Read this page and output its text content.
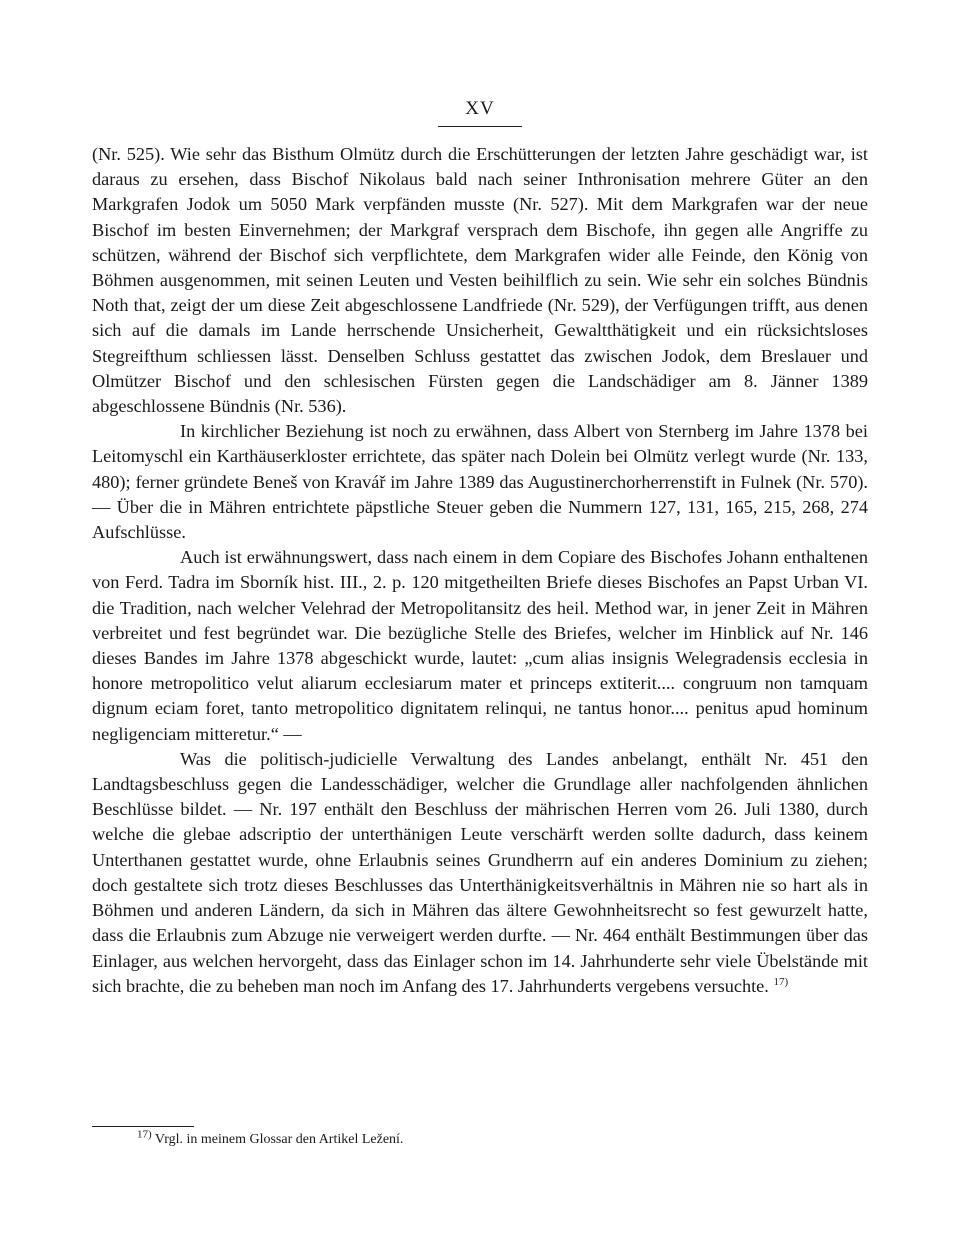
XV

(Nr. 525). Wie sehr das Bisthum Olmütz durch die Erschütterungen der letzten Jahre geschädigt war, ist daraus zu ersehen, dass Bischof Nikolaus bald nach seiner Inthronisation mehrere Güter an den Markgrafen Jodok um 5050 Mark verpfänden musste (Nr. 527). Mit dem Markgrafen war der neue Bischof im besten Einvernehmen; der Markgraf versprach dem Bischofe, ihn gegen alle Angriffe zu schützen, während der Bischof sich verpflichtete, dem Markgrafen wider alle Feinde, den König von Böhmen ausgenommen, mit seinen Leuten und Vesten beihilflich zu sein. Wie sehr ein solches Bündnis Noth that, zeigt der um diese Zeit abgeschlossene Landfriede (Nr. 529), der Verfügungen trifft, aus denen sich auf die damals im Lande herrschende Unsicherheit, Gewaltthätigkeit und ein rücksichtsloses Stegreifthum schliessen lässt. Denselben Schluss gestattet das zwischen Jodok, dem Breslauer und Olmützer Bischof und den schlesischen Fürsten gegen die Landschädiger am 8. Jänner 1389 abgeschlossene Bündnis (Nr. 536).

In kirchlicher Beziehung ist noch zu erwähnen, dass Albert von Sternberg im Jahre 1378 bei Leitomyschl ein Karthäuserkloster errichtete, das später nach Dolein bei Olmütz verlegt wurde (Nr. 133, 480); ferner gründete Beneš von Kravář im Jahre 1389 das Augustinerchorherrenstift in Fulnek (Nr. 570). — Über die in Mähren entrichtete päpstliche Steuer geben die Nummern 127, 131, 165, 215, 268, 274 Aufschlüsse.

Auch ist erwähnungswert, dass nach einem in dem Copiare des Bischofes Johann enthaltenen von Ferd. Tadra im Sborník hist. III., 2. p. 120 mitgetheilten Briefe dieses Bischofes an Papst Urban VI. die Tradition, nach welcher Velehrad der Metropolitansitz des heil. Method war, in jener Zeit in Mähren verbreitet und fest begründet war. Die bezügliche Stelle des Briefes, welcher im Hinblick auf Nr. 146 dieses Bandes im Jahre 1378 abgeschickt wurde, lautet: „cum alias insignis Welegradensis ecclesia in honore metropolitico velut aliarum ecclesiarum mater et princeps extiterit.... congruum non tamquam dignum eciam foret, tanto metropolitico dignitatem relinqui, ne tantus honor.... penitus apud hominum negligenciam mitteretur.“ —

Was die politisch-judicielle Verwaltung des Landes anbelangt, enthält Nr. 451 den Landtagsbeschluss gegen die Landesschädiger, welcher die Grundlage aller nachfolgenden ähnlichen Beschlüsse bildet. — Nr. 197 enthält den Beschluss der mährischen Herren vom 26. Juli 1380, durch welche die glebae adscriptio der unterthänigen Leute verschärft werden sollte dadurch, dass keinem Unterthanen gestattet wurde, ohne Erlaubnis seines Grundherrn auf ein anderes Dominium zu ziehen; doch gestaltete sich trotz dieses Beschlusses das Unterthänigkeitsverhältnis in Mähren nie so hart als in Böhmen und anderen Ländern, da sich in Mähren das ältere Gewohnheitsrecht so fest gewurzelt hatte, dass die Erlaubnis zum Abzuge nie verweigert werden durfte. — Nr. 464 enthält Bestimmungen über das Einlager, aus welchen hervorgeht, dass das Einlager schon im 14. Jahrhunderte sehr viele Übelstände mit sich brachte, die zu beheben man noch im Anfang des 17. Jahrhunderts vergebens versuchte. $^{17)}$

$^{17)}$ Vrgl. in meinem Glossar den Artikel Ležení.
